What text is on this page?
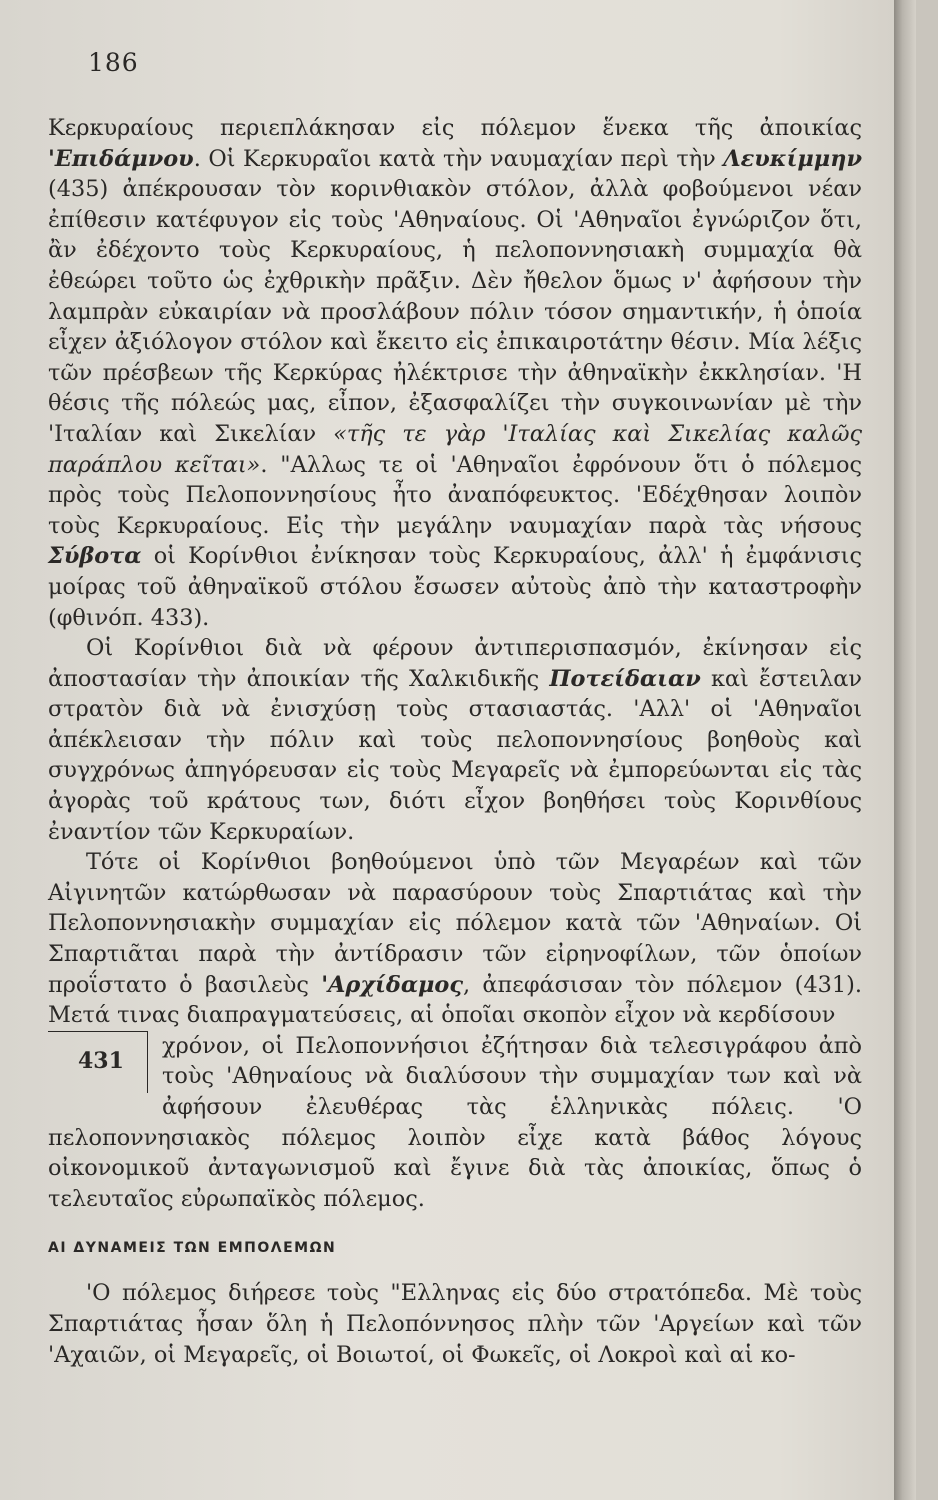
186

Κερκυραίους περιεπλάκησαν εἰς πόλεμον ἕνεκα τῆς ἀποικίας 'Επιδάμνου. Οἱ Κερκυραῖοι κατὰ τὴν ναυμαχίαν περὶ τὴν Λευκίμμην (435) ἀπέκρουσαν τὸν κορινθιακὸν στόλον, ἀλλὰ φοβούμενοι νέαν ἐπίθεσιν κατέφυγον εἰς τοὺς 'Αθηναίους. Οἱ 'Αθηναῖοι ἐγνώριζον ὅτι, ἂν ἐδέχοντο τοὺς Κερκυραίους, ἡ πελοποννησιακὴ συμμαχία θὰ ἐθεώρει τοῦτο ὡς ἐχθρικὴν πρᾶξιν. Δὲν ἤθελον ὅμως ν' ἀφήσουν τὴν λαμπρὰν εὐκαιρίαν νὰ προσλάβουν πόλιν τόσον σημαντικήν, ἡ ὁποία εἶχεν ἀξιόλογον στόλον καὶ ἔκειτο εἰς ἐπικαιροτάτην θέσιν. Μία λέξις τῶν πρέσβεων τῆς Κερκύρας ἠλέκτρισε τὴν ἀθηναϊκὴν ἐκκλησίαν. 'Η θέσις τῆς πόλεώς μας, εἶπον, ἐξασφαλίζει τὴν συγκοινωνίαν μὲ τὴν 'Ιταλίαν καὶ Σικελίαν «τῆς τε γὰρ 'Ιταλίας καὶ Σικελίας καλῶς παράπλου κεῖται». "Αλλως τε οἱ 'Αθηναῖοι ἐφρόνουν ὅτι ὁ πόλεμος πρὸς τοὺς Πελοποννησίους ἦτο ἀναπόφευκτος. 'Εδέχθησαν λοιπὸν τοὺς Κερκυραίους. Εἰς τὴν μεγάλην ναυμαχίαν παρὰ τὰς νήσους Σύβοτα οἱ Κορίνθιοι ἐνίκησαν τοὺς Κερκυραίους, ἀλλ' ἡ ἐμφάνισις μοίρας τοῦ ἀθηναϊκοῦ στόλου ἔσωσεν αὐτοὺς ἀπὸ τὴν καταστροφὴν (φθινόπ. 433).

Οἱ Κορίνθιοι διὰ νὰ φέρουν ἀντιπερισπασμόν, ἐκίνησαν εἰς ἀποστασίαν τὴν ἀποικίαν τῆς Χαλκιδικῆς Ποτείδαιαν καὶ ἔστειλαν στρατὸν διὰ νὰ ἐνισχύσῃ τοὺς στασιαστάς. 'Αλλ' οἱ 'Αθηναῖοι ἀπέκλεισαν τὴν πόλιν καὶ τοὺς πελοποννησίους βοηθοὺς καὶ συγχρόνως ἀπηγόρευσαν εἰς τοὺς Μεγαρεῖς νὰ ἐμπορεύωνται εἰς τὰς ἀγορὰς τοῦ κράτους των, διότι εἶχον βοηθήσει τοὺς Κορινθίους ἐναντίον τῶν Κερκυραίων.

Τότε οἱ Κορίνθιοι βοηθούμενοι ὑπὸ τῶν Μεγαρέων καὶ τῶν Αἰγινητῶν κατώρθωσαν νὰ παρασύρουν τοὺς Σπαρτιάτας καὶ τὴν Πελοποννησιακὴν συμμαχίαν εἰς πόλεμον κατὰ τῶν 'Αθηναίων. Οἱ Σπαρτιᾶται παρὰ τὴν ἀντίδρασιν τῶν εἰρηνοφίλων, τῶν ὁποίων προΐστατο ὁ βασιλεὺς 'Αρχίδαμος, ἀπεφάσισαν τὸν πόλεμον (431). Μετά τινας διαπραγματεύσεις, αἱ ὁποῖαι σκοπὸν εἶχον νὰ κερδίσουν

431
χρόνον, οἱ Πελοποννήσιοι ἐζήτησαν διὰ τελεσιγράφου ἀπὸ τοὺς 'Αθηναίους νὰ διαλύσουν τὴν συμμαχίαν των καὶ νὰ ἀφήσουν ἐλευθέρας τὰς ἑλληνικὰς πόλεις. 'Ο πελοποννησιακὸς πόλεμος λοιπὸν εἶχε κατὰ βάθος λόγους οἰκονομικοῦ ἀνταγωνισμοῦ καὶ ἔγινε διὰ τὰς ἀποικίας, ὅπως ὁ τελευταῖος εὐρωπαϊκὸς πόλεμος.

ΑΙ ΔΥΝΑΜΕΙΣ ΤΩΝ ΕΜΠΟΛΕΜΩΝ

'Ο πόλεμος διήρεσε τοὺς "Ελληνας εἰς δύο στρατόπεδα. Μὲ τοὺς Σπαρτιάτας ἦσαν ὅλη ἡ Πελοπόννησος πλὴν τῶν 'Αργείων καὶ τῶν 'Αχαιῶν, οἱ Μεγαρεῖς, οἱ Βοιωτοί, οἱ Φωκεῖς, οἱ Λοκροὶ καὶ αἱ κο-
